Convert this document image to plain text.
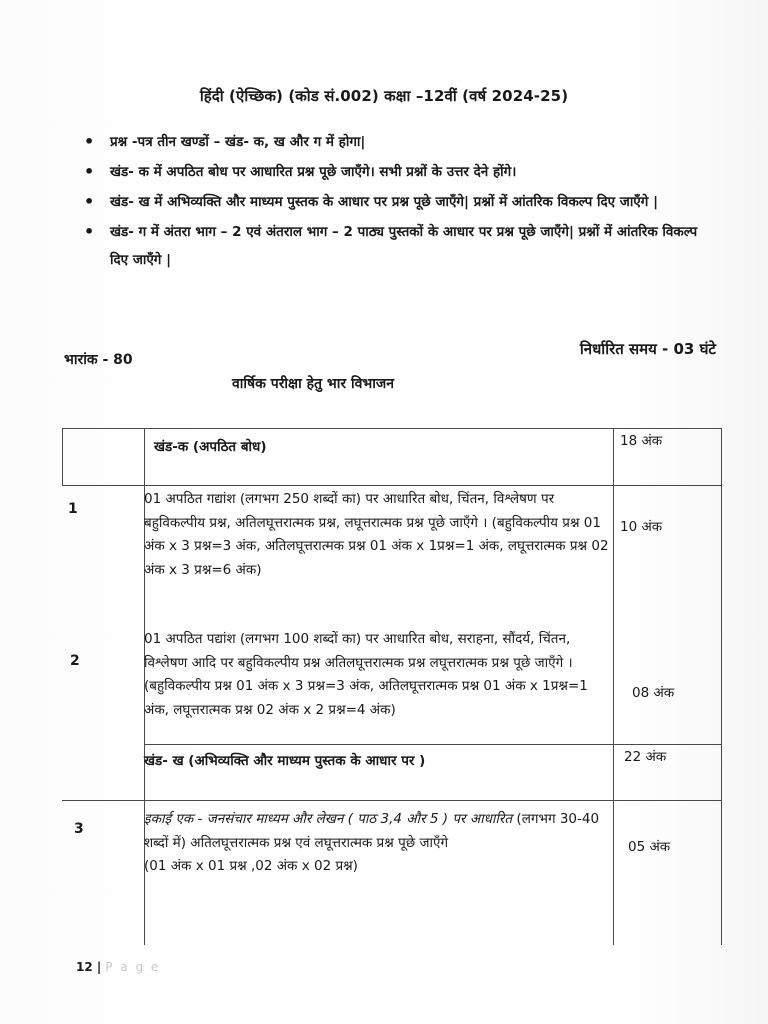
हिंदी (ऐच्छिक) (कोड सं.002) कक्षा –12वीं (वर्ष 2024-25)
• प्रश्न -पत्र तीन खण्डों – खंड- क, ख और ग में होगा|
• खंड- क में अपठित बोध पर आधारित प्रश्न पूछे जाएँगे। सभी प्रश्नों के उत्तर देने होंगे।
• खंड- ख में अभिव्यक्ति और माध्यम पुस्तक के आधार पर प्रश्न पूछे जाएँगे| प्रश्नों में आंतरिक विकल्प दिए जाएँगे |
• खंड- ग में अंतरा भाग – 2 एवं अंतराल भाग – 2 पाठ्य पुस्तकों के आधार पर प्रश्न पूछे जाएँगे| प्रश्नों में आंतरिक विकल्प दिए जाएँगे |
भारांक - 80
निर्धारित समय - 03 घंटे
वार्षिक परीक्षा हेतु भार विभाजन
खंड-क (अपठित बोध)	18 अंक
1
01 अपठित गद्यांश (लगभग 250 शब्दों का) पर आधारित बोध, चिंतन, विश्लेषण पर बहुविकल्पीय प्रश्न, अतिलघूत्तरात्मक प्रश्न, लघूत्तरात्मक प्रश्न पूछे जाएँगे । (बहुविकल्पीय प्रश्न 01 अंक x 3 प्रश्न=3 अंक, अतिलघूत्तरात्मक प्रश्न 01 अंक x 1प्रश्न=1 अंक, लघूत्तरात्मक प्रश्न 02 अंक x 3 प्रश्न=6 अंक)
10 अंक
2
01 अपठित पद्यांश (लगभग 100 शब्दों का) पर आधारित बोध, सराहना, सौंदर्य, चिंतन, विश्लेषण आदि पर बहुविकल्पीय प्रश्न अतिलघूत्तरात्मक प्रश्न लघूत्तरात्मक प्रश्न पूछे जाएँगे । (बहुविकल्पीय प्रश्न 01 अंक x 3 प्रश्न=3 अंक, अतिलघूत्तरात्मक प्रश्न 01 अंक x 1प्रश्न=1 अंक, लघूत्तरात्मक प्रश्न 02 अंक x 2 प्रश्न=4 अंक)
08 अंक
खंड- ख (अभिव्यक्ति और माध्यम पुस्तक के आधार पर )	22 अंक
3
इकाई एक - जनसंचार माध्यम और लेखन ( पाठ 3,4 और 5 ) पर आधारित (लगभग 30-40 शब्दों में) अतिलघूत्तरात्मक प्रश्न एवं लघूत्तरात्मक प्रश्न पूछे जाएँगे
(01 अंक x 01 प्रश्न ,02 अंक x 02 प्रश्न)
05 अंक
12 | P a g e
